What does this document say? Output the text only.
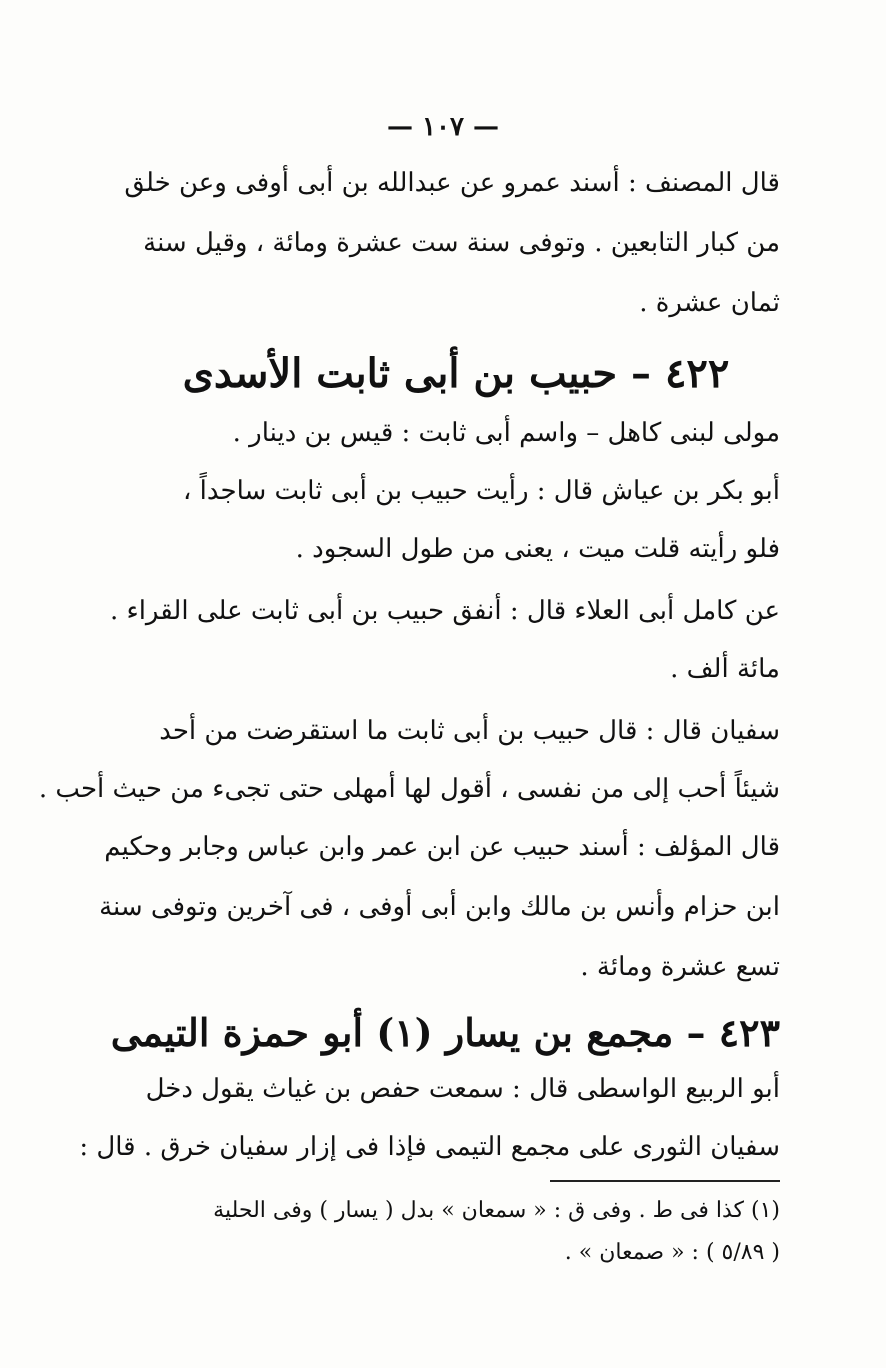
— ١٠٧ —
قال المصنف : أسند عمرو عن عبدالله بن أبى أوفى وعن خلق
من كبار التابعين . وتوفى سنة ست عشرة ومائة ، وقيل سنة
ثمان عشرة .
٤٢٢ – حبيب بن أبى ثابت الأسدى
مولى لبنى كاهل – واسم أبى ثابت : قيس بن دينار .
أبو بكر بن عياش قال : رأيت حبيب بن أبى ثابت ساجداً ،
فلو رأيته قلت ميت ، يعنى من طول السجود .
عن كامل أبى العلاء قال : أنفق حبيب بن أبى ثابت على القراء .
مائة ألف .
سفيان قال : قال حبيب بن أبى ثابت ما استقرضت من أحد
شيئاً أحب إلى من نفسى ، أقول لها أمهلى حتى تجىء من حيث أحب .
قال المؤلف : أسند حبيب عن ابن عمر وابن عباس وجابر وحكيم
ابن حزام وأنس بن مالك وابن أبى أوفى ، فى آخرين وتوفى سنة
تسع عشرة ومائة .
٤٢٣ – مجمع بن يسار (١) أبو حمزة التيمى
أبو الربيع الواسطى قال : سمعت حفص بن غياث يقول دخل
سفيان الثورى على مجمع التيمى فإذا فى إزار سفيان خرق . قال :
(١) كذا فى ط . وفى ق : « سمعان » بدل ( يسار ) وفى الحلية
( ٥/٨٩ ) : « صمعان » .
